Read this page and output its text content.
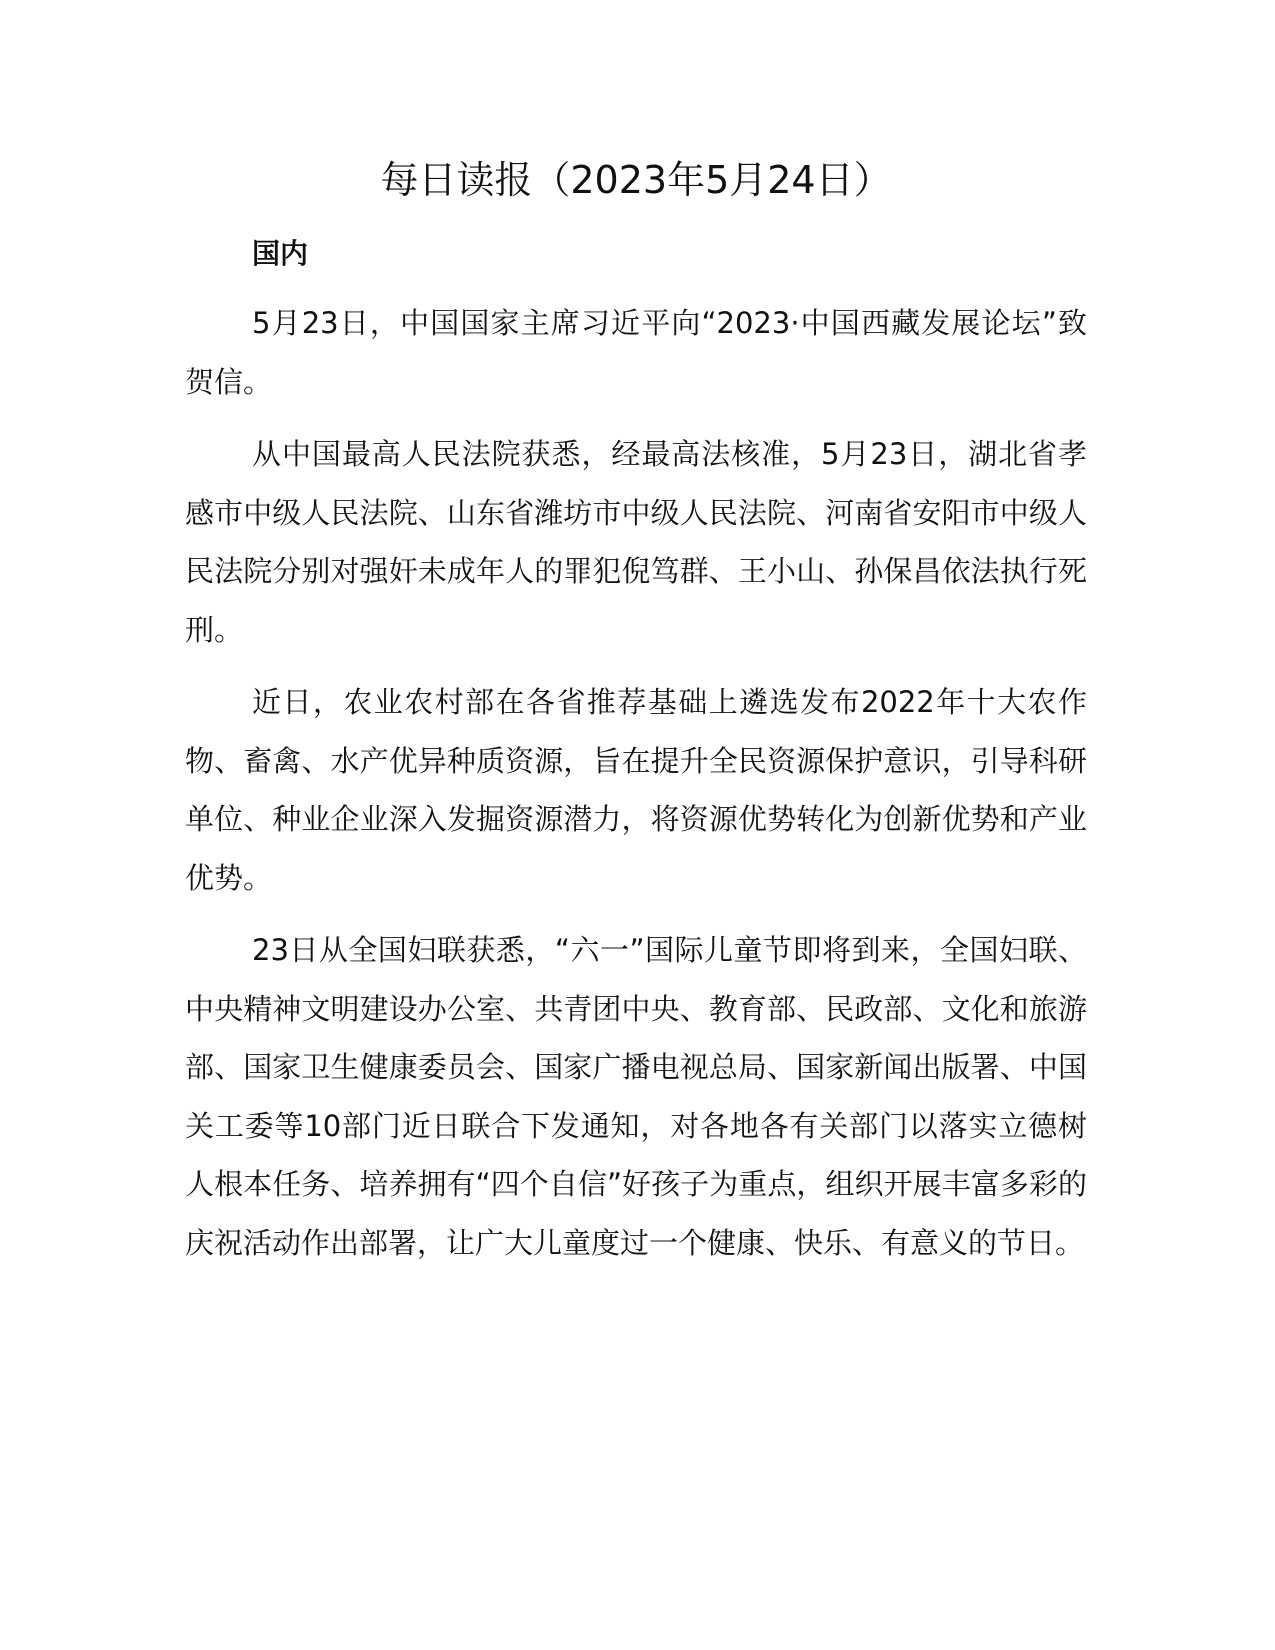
每日读报（2023年5月24日）
国内

5月23日，中国国家主席习近平向“2023·中国西藏发展论坛”致贺信。

从中国最高人民法院获悉，经最高法核准，5月23日，湖北省孝感市中级人民法院、山东省潍坊市中级人民法院、河南省安阳市中级人民法院分别对强奸未成年人的罪犯倪笃群、王小山、孙保昌依法执行死刑。

近日，农业农村部在各省推荐基础上遴选发布2022年十大农作物、畜禽、水产优异种质资源，旨在提升全民资源保护意识，引导科研单位、种业企业深入发掘资源潜力，将资源优势转化为创新优势和产业优势。

23日从全国妇联获悉，“六一”国际儿童节即将到来，全国妇联、中央精神文明建设办公室、共青团中央、教育部、民政部、文化和旅游部、国家卫生健康委员会、国家广播电视总局、国家新闻出版署、中国关工委等10部门近日联合下发通知，对各地各有关部门以落实立德树人根本任务、培养拥有“四个自信”好孩子为重点，组织开展丰富多彩的庆祝活动作出部署，让广大儿童度过一个健康、快乐、有意义的节日。
